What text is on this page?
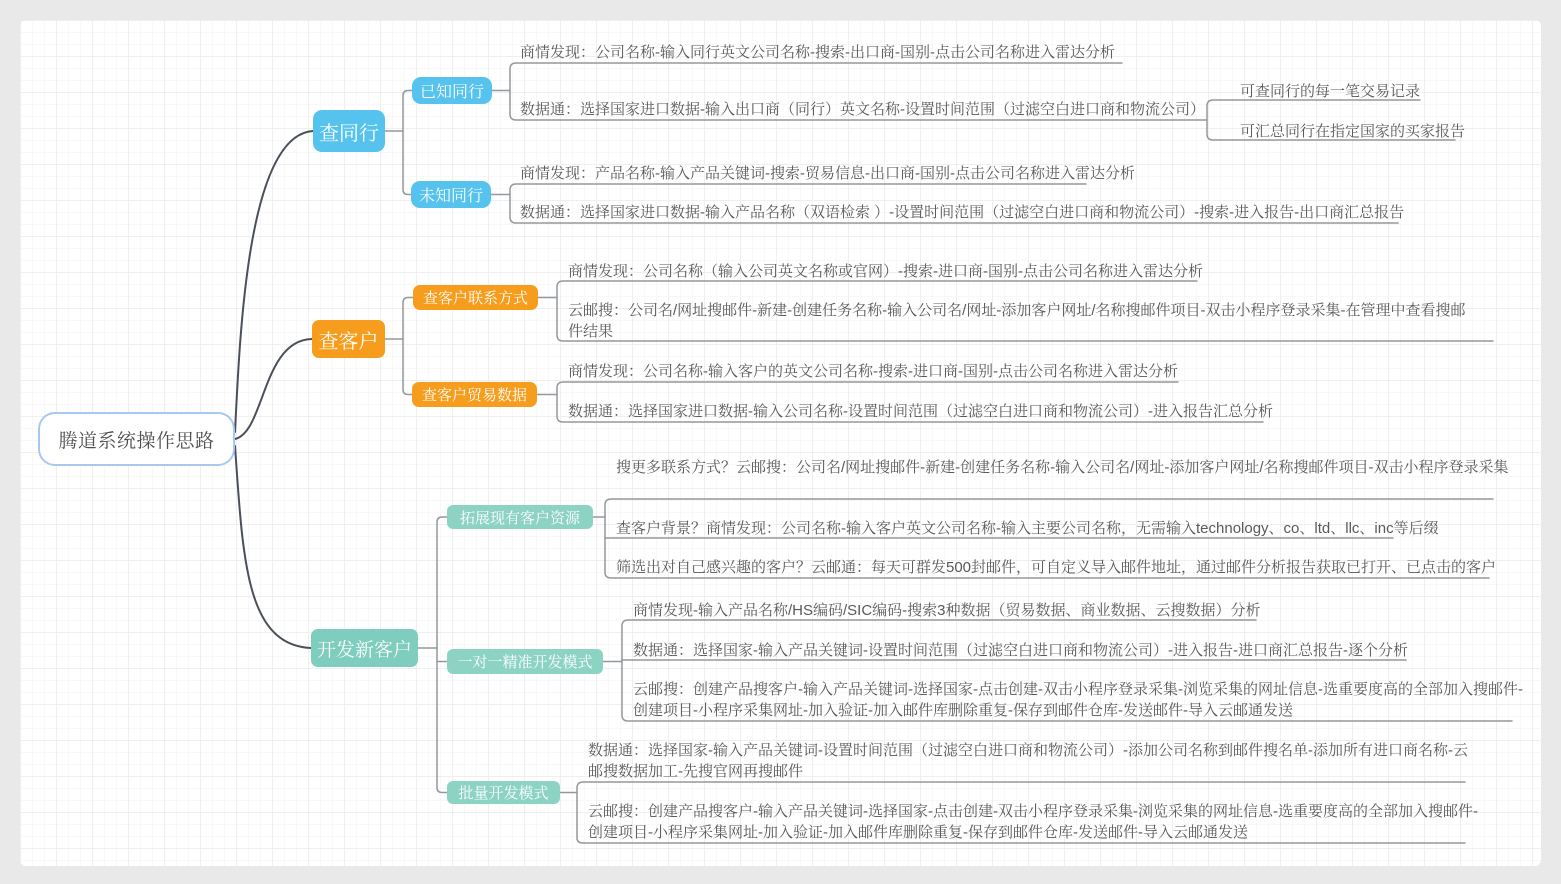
腾道系统操作思路
查同行
已知同行
未知同行
商情发现：公司名称-输入同行英文公司名称-搜索-出口商-国别-点击公司名称进入雷达分析
数据通：选择国家进口数据-输入出口商（同行）英文名称-设置时间范围（过滤空白进口商和物流公司）
可查同行的每一笔交易记录
可汇总同行在指定国家的买家报告
商情发现：产品名称-输入产品关键词-搜索-贸易信息-出口商-国别-点击公司名称进入雷达分析
数据通：选择国家进口数据-输入产品名称（双语检索 ）-设置时间范围（过滤空白进口商和物流公司）-搜索-进入报告-出口商汇总报告
查客户
查客户联系方式
查客户贸易数据
商情发现：公司名称（输入公司英文名称或官网）-搜索-进口商-国别-点击公司名称进入雷达分析
云邮搜：公司名/网址搜邮件-新建-创建任务名称-输入公司名/网址-添加客户网址/名称搜邮件项目-双击小程序登录采集-在管理中查看搜邮件结果
商情发现：公司名称-输入客户的英文公司名称-搜索-进口商-国别-点击公司名称进入雷达分析
数据通：选择国家进口数据-输入公司名称-设置时间范围（过滤空白进口商和物流公司）-进入报告汇总分析
开发新客户
拓展现有客户资源
一对一精准开发模式
批量开发模式
搜更多联系方式？云邮搜：公司名/网址搜邮件-新建-创建任务名称-输入公司名/网址-添加客户网址/名称搜邮件项目-双击小程序登录采集
查客户背景？商情发现：公司名称-输入客户英文公司名称-输入主要公司名称，无需输入technology、co、ltd、llc、inc等后缀
筛选出对自己感兴趣的客户？云邮通：每天可群发500封邮件，可自定义导入邮件地址，通过邮件分析报告获取已打开、已点击的客户
商情发现-输入产品名称/HS编码/SIC编码-搜索3种数据（贸易数据、商业数据、云搜数据）分析
数据通：选择国家-输入产品关键词-设置时间范围（过滤空白进口商和物流公司）-进入报告-进口商汇总报告-逐个分析
云邮搜：创建产品搜客户-输入产品关键词-选择国家-点击创建-双击小程序登录采集-浏览采集的网址信息-选重要度高的全部加入搜邮件-创建项目-小程序采集网址-加入验证-加入邮件库删除重复-保存到邮件仓库-发送邮件-导入云邮通发送
数据通：选择国家-输入产品关键词-设置时间范围（过滤空白进口商和物流公司）-添加公司名称到邮件搜名单-添加所有进口商名称-云邮搜数据加工-先搜官网再搜邮件
云邮搜：创建产品搜客户-输入产品关键词-选择国家-点击创建-双击小程序登录采集-浏览采集的网址信息-选重要度高的全部加入搜邮件-创建项目-小程序采集网址-加入验证-加入邮件库删除重复-保存到邮件仓库-发送邮件-导入云邮通发送
